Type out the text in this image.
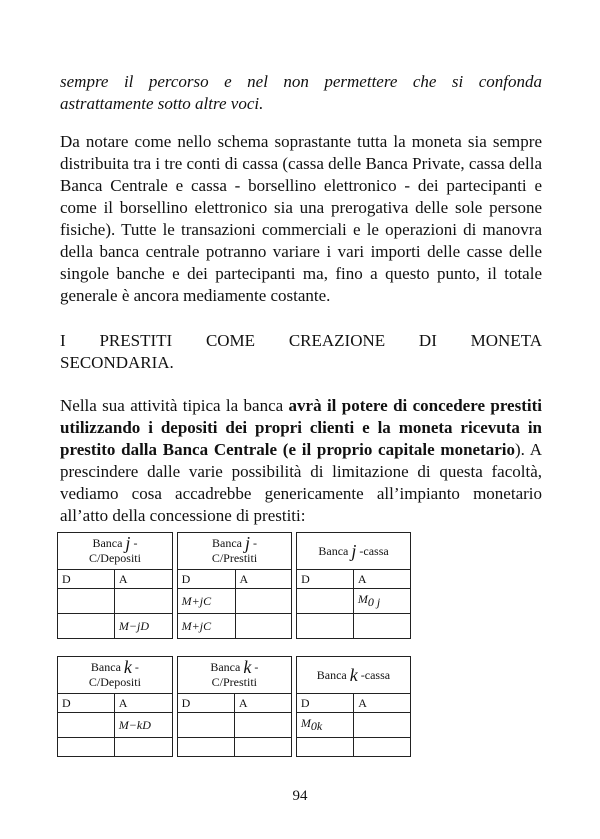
sempre il percorso e nel non permettere che si confonda
astrattamente sotto altre voci.
Da notare come nello schema soprastante tutta la moneta sia sempre distribuita tra i tre conti di cassa (cassa delle Banca Private, cassa della Banca Centrale e cassa - borsellino elettronico - dei partecipanti e come il borsellino elettronico sia una prerogativa delle sole persone fisiche). Tutte le transazioni commerciali e le operazioni di manovra della banca centrale potranno variare i vari importi delle casse delle singole banche e dei partecipanti ma, fino a questo punto, il totale generale è ancora mediamente costante.
I PRESTITI COME CREAZIONE DI MONETA
SECONDARIA.
Nella sua attività tipica la banca avrà il potere di concedere prestiti utilizzando i depositi dei propri clienti e la moneta ricevuta in prestito dalla Banca Centrale (e il proprio capitale monetario). A prescindere dalle varie possibilità di limitazione di questa facoltà, vediamo cosa accadrebbe genericamente all’impianto monetario all’atto della concessione di prestiti:
Banca j -
C/Depositi			Banca j -
C/Prestiti			Banca j -cassa	
D	A		D	A		D	A
			M+jC				M0 j
	M−jD		M+jC				
Banca k -
C/Depositi			Banca k -
C/Prestiti			Banca k -cassa	
D	A		D	A		D	A
	M−kD					M0k	

94
